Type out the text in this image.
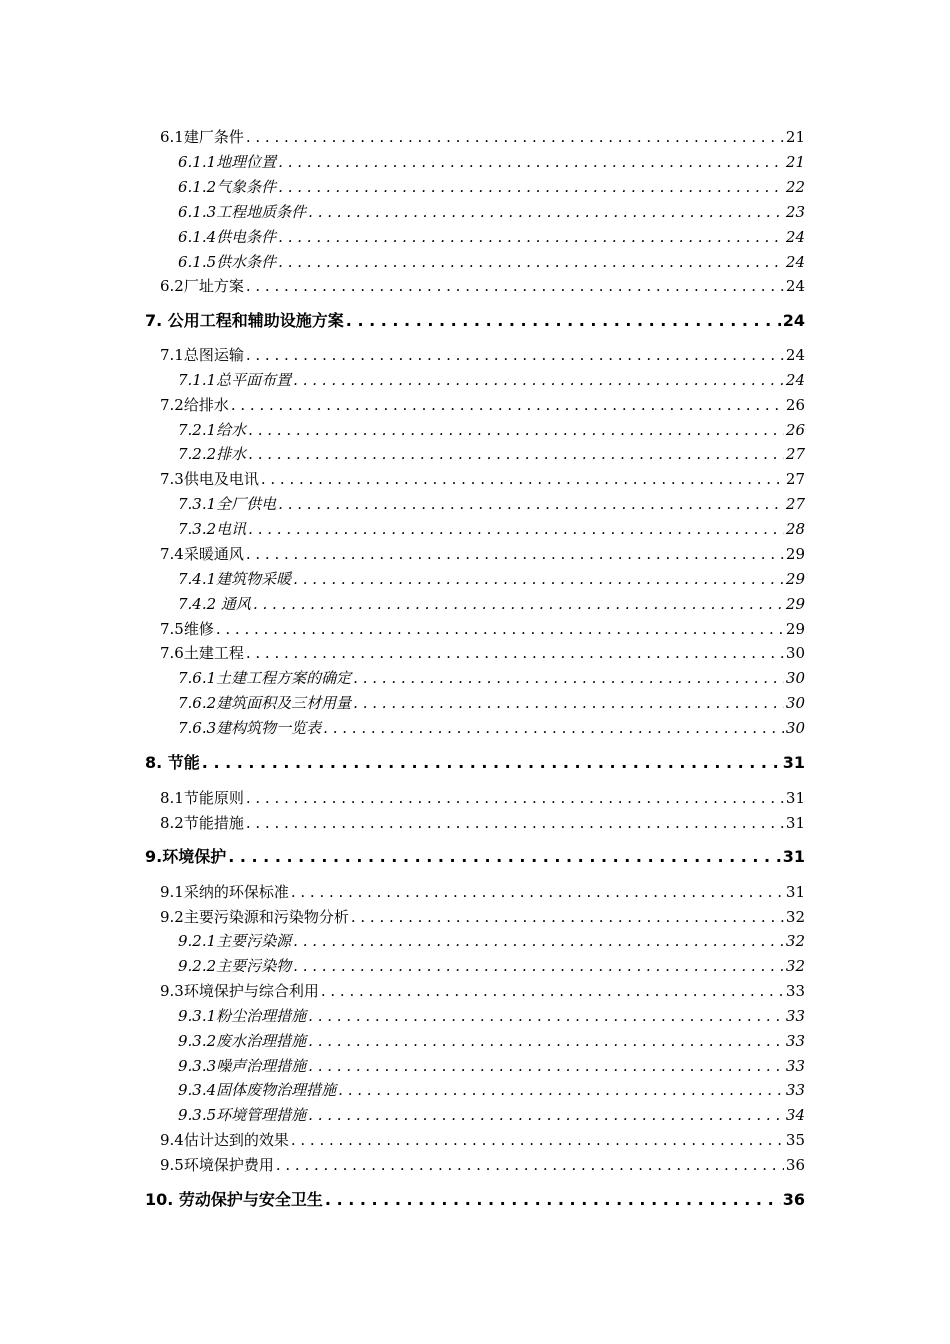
6.1建厂条件 . . .	21
6.1.1地理位置 . . .	21
6.1.2气象条件 . . .	22
6.1.3工程地质条件 . . .	23
6.1.4供电条件 . . .	24
6.1.5供水条件 . . .	24
6.2厂址方案 . . .	24
7. 公用工程和辅助设施方案 . . .	24
7.1总图运输 . . .	24
7.1.1总平面布置 . . .	24
7.2给排水 . . .	26
7.2.1给水 . . .	26
7.2.2排水 . . .	27
7.3供电及电讯 . . .	27
7.3.1全厂供电 . . .	27
7.3.2电讯 . . .	28
7.4采暖通风 . . .	29
7.4.1建筑物采暖 . . .	29
7.4.2 通风 . . .	29
7.5维修 . . .	29
7.6土建工程 . . .	30
7.6.1土建工程方案的确定 . . .	30
7.6.2建筑面积及三材用量 . . .	30
7.6.3建构筑物一览表 . . .	30
8. 节能 . . .	31
8.1节能原则 . . .	31
8.2节能措施 . . .	31
9.环境保护 . . .	31
9.1采纳的环保标准 . . .	31
9.2主要污染源和污染物分析 . . .	32
9.2.1主要污染源 . . .	32
9.2.2主要污染物 . . .	32
9.3环境保护与综合利用 . . .	33
9.3.1粉尘治理措施 . . .	33
9.3.2废水治理措施 . . .	33
9.3.3噪声治理措施 . . .	33
9.3.4固体废物治理措施 . . .	33
9.3.5环境管理措施 . . .	34
9.4估计达到的效果 . . .	35
9.5环境保护费用 . . .	36
10. 劳动保护与安全卫生 . . .	36
